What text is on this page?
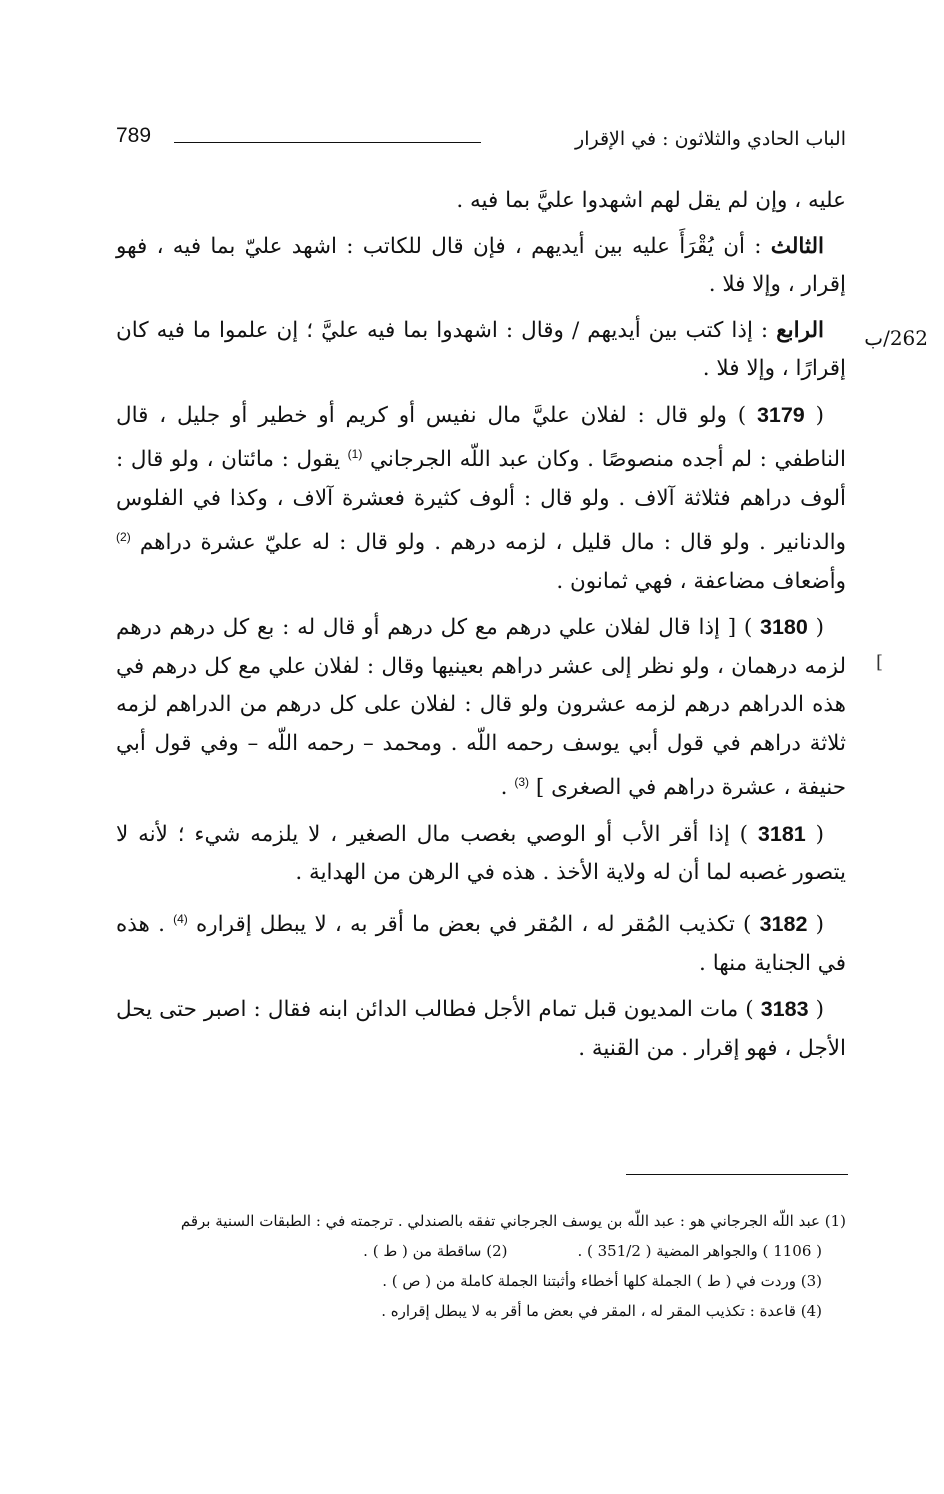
الباب الحادي والثلاثون : في الإقرار
789
262/ب
[

عليه ، وإن لم يقل لهم اشهدوا عليَّ بما فيه .

الثالث : أن يُقْرَأَ عليه بين أيديهم ، فإن قال للكاتب : اشهد عليّ بما فيه ، فهو إقرار ، وإلا فلا .

الرابع : إذا كتب بين أيديهم / وقال : اشهدوا بما فيه عليَّ ؛ إن علموا ما فيه كان إقرارًا ، وإلا فلا .

( 3179 ) ولو قال : لفلان عليَّ مال نفيس أو كريم أو خطير أو جليل ، قال الناطفي : لم أجده منصوصًا . وكان عبد اللّه الجرجاني $^{(1)}$ يقول : مائتان ، ولو قال : ألوف دراهم فثلاثة آلاف . ولو قال : ألوف كثيرة فعشرة آلاف ، وكذا في الفلوس والدنانير . ولو قال : مال قليل ، لزمه درهم . ولو قال : له عليّ عشرة دراهم $^{(2)}$ وأضعاف مضاعفة ، فهي ثمانون .

( 3180 ) [ إذا قال لفلان علي درهم مع كل درهم أو قال له : بع كل درهم درهم لزمه درهمان ، ولو نظر إلى عشر دراهم بعينيها وقال : لفلان علي مع كل درهم في هذه الدراهم درهم لزمه عشرون ولو قال : لفلان على كل درهم من الدراهم لزمه ثلاثة دراهم في قول أبي يوسف رحمه اللّه . ومحمد – رحمه اللّه – وفي قول أبي حنيفة ، عشرة دراهم في الصغرى ] $^{(3)}$ .

( 3181 ) إذا أقر الأب أو الوصي بغصب مال الصغير ، لا يلزمه شيء ؛ لأنه لا يتصور غصبه لما أن له ولاية الأخذ . هذه في الرهن من الهداية .

( 3182 ) تكذيب المُقر له ، المُقر في بعض ما أقر به ، لا يبطل إقراره $^{(4)}$ . هذه في الجناية منها .

( 3183 ) مات المديون قبل تمام الأجل فطالب الدائن ابنه فقال : اصبر حتى يحل الأجل ، فهو إقرار . من القنية .

(1) عبد اللّه الجرجاني هو : عبد اللّه بن يوسف الجرجاني تفقه بالصندلي . ترجمته في : الطبقات السنية برقم

( 1106 ) والجواهر المضية ( 351/2 ) .(2) ساقطة من ( ط ) .

(3) وردت في ( ط ) الجملة كلها أخطاء وأثبتنا الجملة كاملة من ( ص ) .

(4) قاعدة : تكذيب المقر له ، المقر في بعض ما أقر به لا يبطل إقراره .
